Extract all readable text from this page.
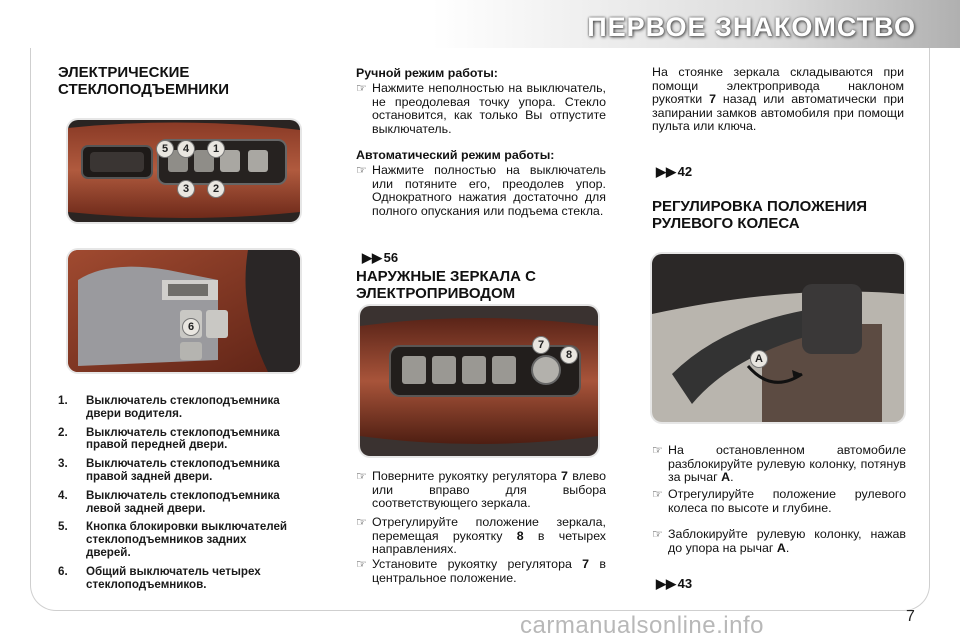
ПЕРВОЕ ЗНАКОМСТВО
ЭЛЕКТРИЧЕСКИЕ
СТЕКЛОПОДЪЕМНИКИ
5	4	1
3	2
6
1. Выключатель стеклоподъемника
двери водителя.
2. Выключатель стеклоподъемника
правой передней двери.
3. Выключатель стеклоподъемника
правой задней двери.
4. Выключатель стеклоподъемника
левой задней двери.
5. Кнопка блокировки выключателей
стеклоподъемников задних
дверей.
6. Общий выключатель четырех
стеклоподъемников.
Ручной режим работы:
☞ Нажмите неполностью на выключатель, не преодолевая точку упора. Стекло остановится, как только Вы отпустите выключатель.
Автоматический режим работы:
☞ Нажмите полностью на выключатель или потяните его, преодолев упор. Однократного нажатия достаточно для полного опускания или подъема стекла.
▶▶ 56
НАРУЖНЫЕ ЗЕРКАЛА С
ЭЛЕКТРОПРИВОДОМ
7
8
☞ Поверните рукоятку регулятора 7 влево или вправо для выбора соответствующего зеркала.
☞ Отрегулируйте положение зеркала, перемещая рукоятку 8 в четырех направлениях.
☞ Установите рукоятку регулятора 7 в центральное положение.
На стоянке зеркала складываются при помощи электропривода наклоном рукоятки 7 назад или автоматически при запирании замков автомобиля при помощи пульта или ключа.
▶▶ 42
РЕГУЛИРОВКА ПОЛОЖЕНИЯ
РУЛЕВОГО КОЛЕСА
A
☞ На остановленном автомобиле разблокируйте рулевую колонку, потянув за рычаг A.
☞ Отрегулируйте положение рулевого колеса по высоте и глубине.
☞ Заблокируйте рулевую колонку, нажав до упора на рычаг A.
▶▶ 43
carmanualsonline.info	7
